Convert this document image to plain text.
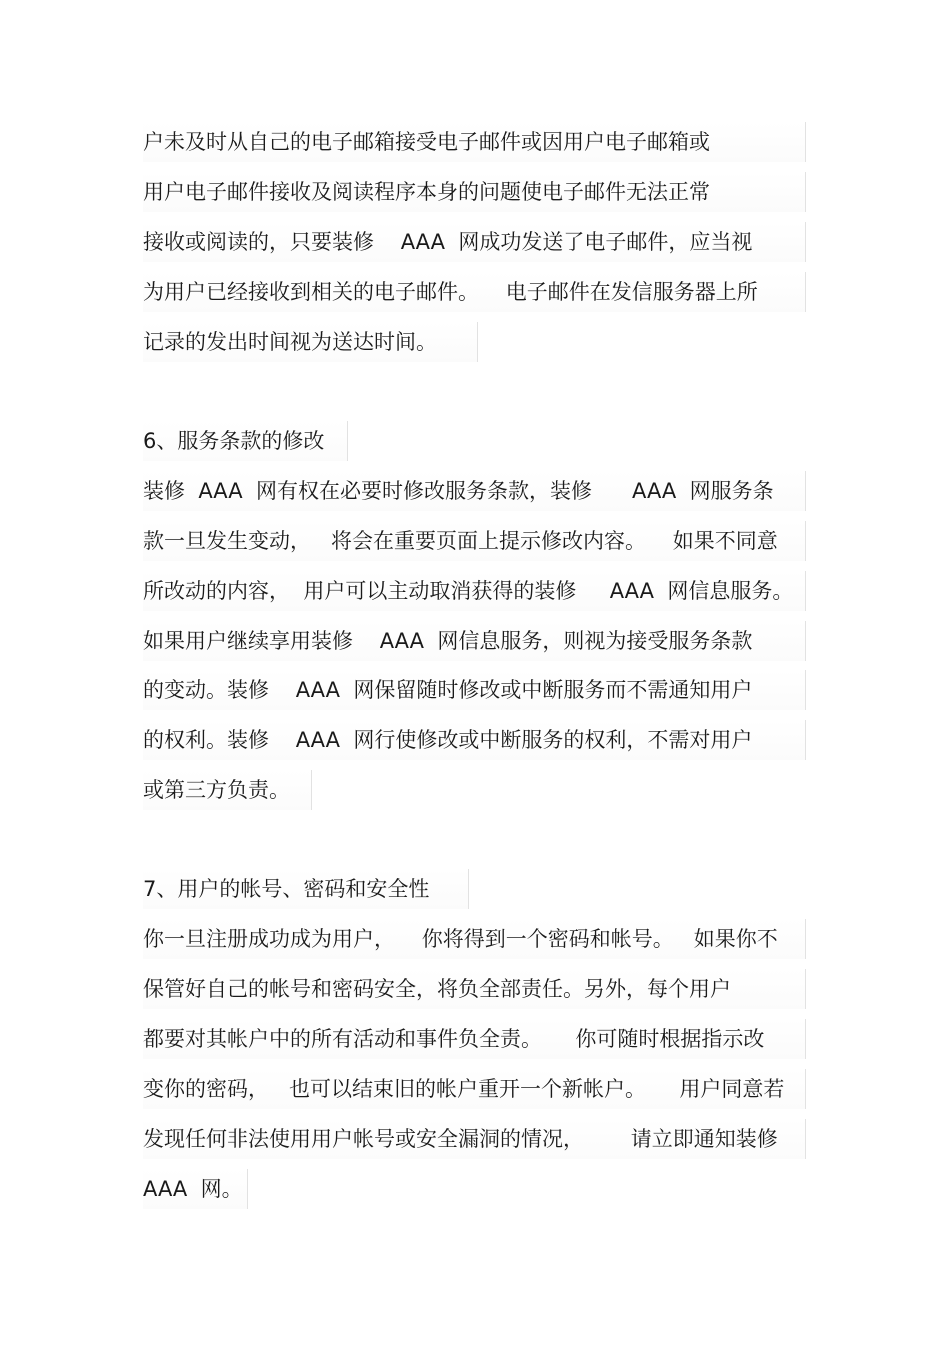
户未及时从自己的电子邮箱接受电子邮件或因用户电子邮箱或
用户电子邮件接收及阅读程序本身的问题使电子邮件无法正常
接收或阅读的，只要装修    AAA  网成功发送了电子邮件，应当视
为用户已经接收到相关的电子邮件。    电子邮件在发信服务器上所
记录的发出时间视为送达时间。
6、服务条款的修改
装修  AAA  网有权在必要时修改服务条款，装修      AAA  网服务条
款一旦发生变动，   将会在重要页面上提示修改内容。    如果不同意
所改动的内容，  用户可以主动取消获得的装修     AAA  网信息服务。
如果用户继续享用装修    AAA  网信息服务，则视为接受服务条款
的变动。装修    AAA  网保留随时修改或中断服务而不需通知用户
的权利。装修    AAA  网行使修改或中断服务的权利，不需对用户
或第三方负责。
7、用户的帐号、密码和安全性
你一旦注册成功成为用户，    你将得到一个密码和帐号。   如果你不
保管好自己的帐号和密码安全，将负全部责任。另外，每个用户
都要对其帐户中的所有活动和事件负全责。     你可随时根据指示改
变你的密码，   也可以结束旧的帐户重开一个新帐户。     用户同意若
发现任何非法使用用户帐号或安全漏洞的情况，       请立即通知装修
AAA  网。
